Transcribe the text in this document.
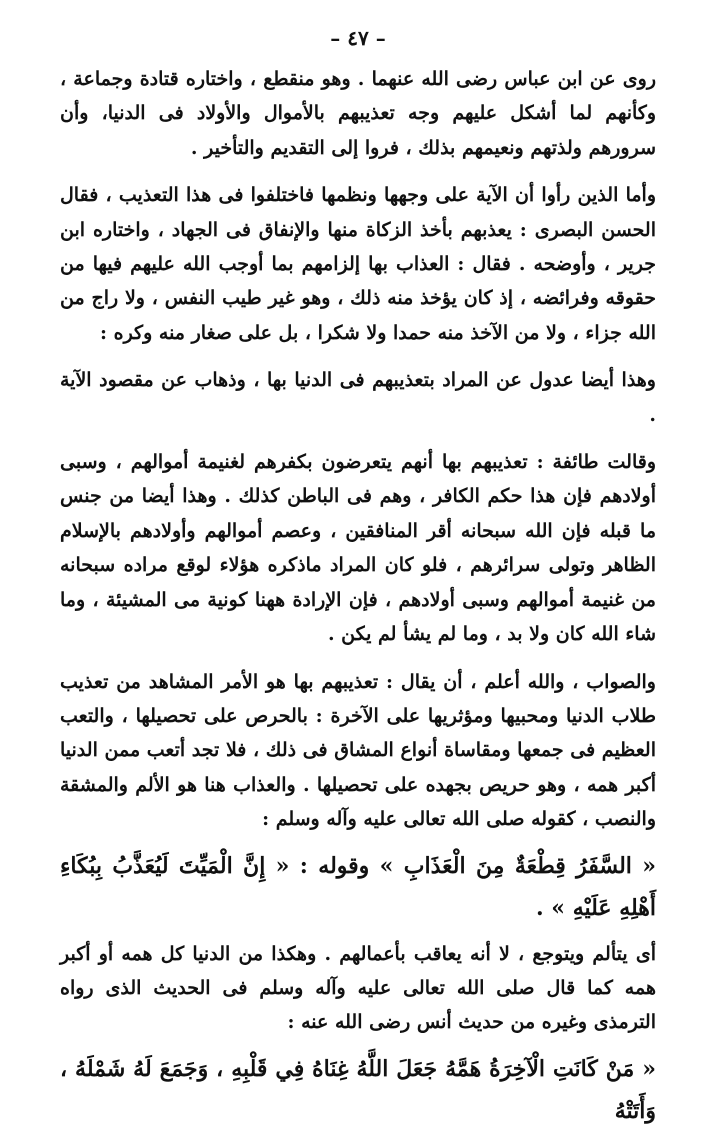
– ٤٧ –

روى عن ابن عباس رضى الله عنهما . وهو منقطع ، واختاره قتادة وجماعة ، وكأنهم لما أشكل عليهم وجه تعذيبهم بالأموال والأولاد فى الدنيا، وأن سرورهم ولذتهم ونعيمهم بذلك ، فروا إلى التقديم والتأخير .

وأما الذين رأوا أن الآية على وجهها ونظمها فاختلفوا فى هذا التعذيب ، فقال الحسن البصرى : يعذبهم بأخذ الزكاة منها والإنفاق فى الجهاد ، واختاره ابن جرير ، وأوضحه . فقال : العذاب بها إلزامهم بما أوجب الله عليهم فيها من حقوقه وفرائضه ، إذ كان يؤخذ منه ذلك ، وهو غير طيب النفس ، ولا راج من الله جزاء ، ولا من الآخذ منه حمدا ولا شكرا ، بل على صغار منه وكره :

وهذا أيضا عدول عن المراد بتعذيبهم فى الدنيا بها ، وذهاب عن مقصود الآية .

وقالت طائفة : تعذيبهم بها أنهم يتعرضون بكفرهم لغنيمة أموالهم ، وسبى أولادهم فإن هذا حكم الكافر ، وهم فى الباطن كذلك . وهذا أيضا من جنس ما قبله فإن الله سبحانه أقر المنافقين ، وعصم أموالهم وأولادهم بالإسلام الظاهر وتولى سرائرهم ، فلو كان المراد ماذكره هؤلاء لوقع مراده سبحانه من غنيمة أموالهم وسبى أولادهم ، فإن الإرادة ههنا كونية مى المشيئة ، وما شاء الله كان ولا بد ، وما لم يشأ لم يكن .

والصواب ، والله أعلم ، أن يقال : تعذيبهم بها هو الأمر المشاهد من تعذيب طلاب الدنيا ومحبيها ومؤثريها على الآخرة : بالحرص على تحصيلها ، والتعب العظيم فى جمعها ومقاساة أنواع المشاق فى ذلك ، فلا تجد أتعب ممن الدنيا أكبر همه ، وهو حريص بجهده على تحصيلها . والعذاب هنا هو الألم والمشقة والنصب ، كقوله صلى الله تعالى عليه وآله وسلم :

« السَّفَرُ قِطْعَةٌ مِنَ الْعَذَابِ » وقوله : « إِنَّ الْمَيِّتَ لَيُعَذَّبُ بِبُكَاءِ أَهْلِهِ عَلَيْهِ » .

أى يتألم ويتوجع ، لا أنه يعاقب بأعمالهم . وهكذا من الدنيا كل همه أو أكبر همه كما قال صلى الله تعالى عليه وآله وسلم فى الحديث الذى رواه الترمذى وغيره من حديث أنس رضى الله عنه :

« مَنْ كَانَتِ الْآخِرَةُ هَمَّهُ جَعَلَ اللَّهُ غِنَاهُ فِي قَلْبِهِ ، وَجَمَعَ لَهُ شَمْلَهُ ، وَأَتَتْهُ
